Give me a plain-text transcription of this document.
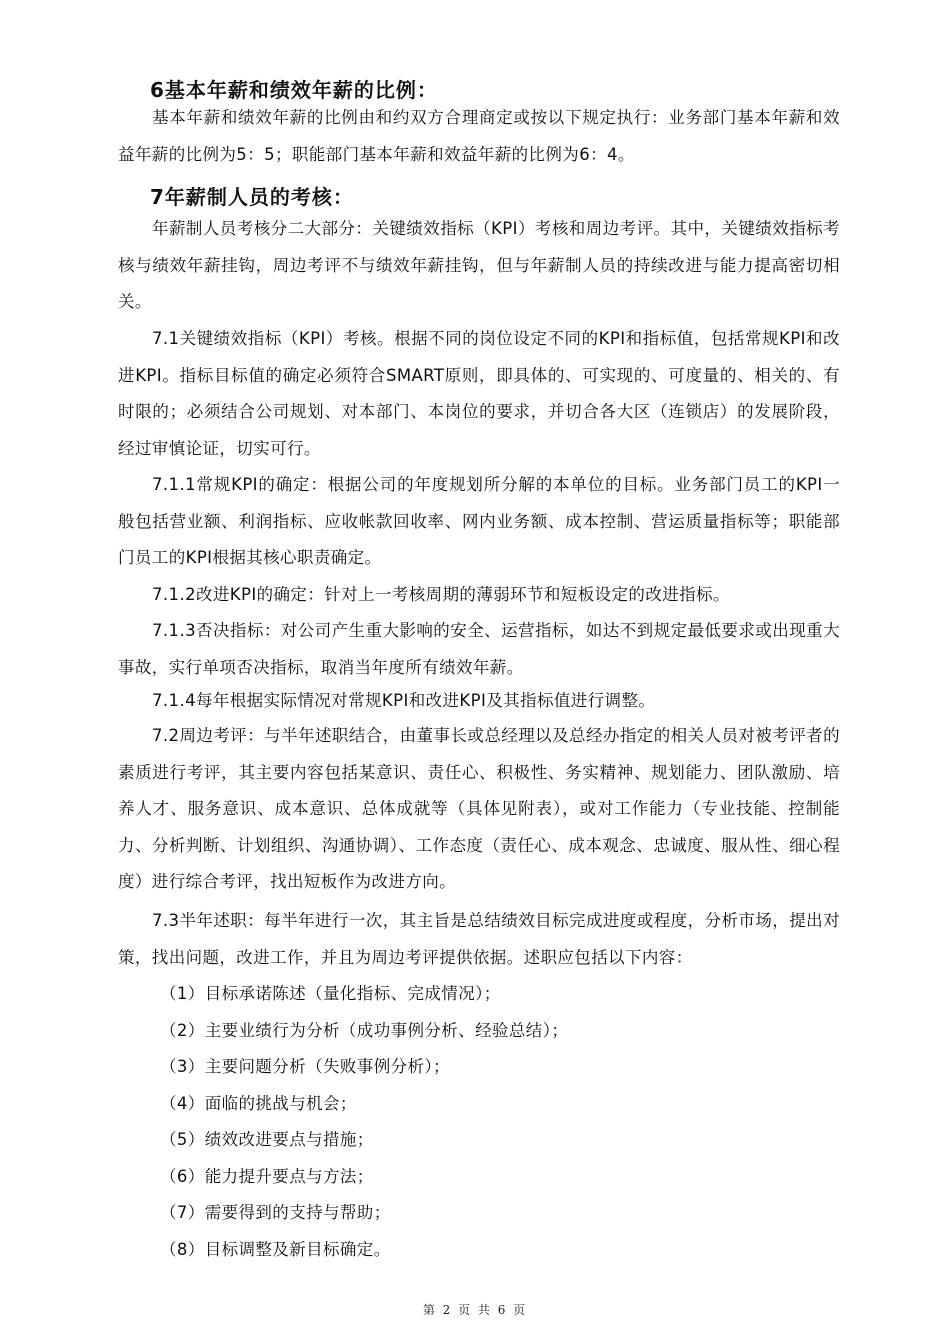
6基本年薪和绩效年薪的比例：

基本年薪和绩效年薪的比例由和约双方合理商定或按以下规定执行：业务部门基本年薪和效益年薪的比例为5：5；职能部门基本年薪和效益年薪的比例为6：4。

7年薪制人员的考核：

年薪制人员考核分二大部分：关键绩效指标（KPI）考核和周边考评。其中，关键绩效指标考核与绩效年薪挂钩，周边考评不与绩效年薪挂钩，但与年薪制人员的持续改进与能力提高密切相关。

7.1关键绩效指标（KPI）考核。根据不同的岗位设定不同的KPI和指标值，包括常规KPI和改进KPI。指标目标值的确定必须符合SMART原则，即具体的、可实现的、可度量的、相关的、有时限的；必须结合公司规划、对本部门、本岗位的要求，并切合各大区（连锁店）的发展阶段，经过审慎论证，切实可行。

7.1.1常规KPI的确定：根据公司的年度规划所分解的本单位的目标。业务部门员工的KPI一般包括营业额、利润指标、应收帐款回收率、网内业务额、成本控制、营运质量指标等；职能部门员工的KPI根据其核心职责确定。

7.1.2改进KPI的确定：针对上一考核周期的薄弱环节和短板设定的改进指标。

7.1.3否决指标：对公司产生重大影响的安全、运营指标，如达不到规定最低要求或出现重大事故，实行单项否决指标，取消当年度所有绩效年薪。

7.1.4每年根据实际情况对常规KPI和改进KPI及其指标值进行调整。

7.2周边考评：与半年述职结合，由董事长或总经理以及总经办指定的相关人员对被考评者的素质进行考评，其主要内容包括某意识、责任心、积极性、务实精神、规划能力、团队激励、培养人才、服务意识、成本意识、总体成就等（具体见附表），或对工作能力（专业技能、控制能力、分析判断、计划组织、沟通协调）、工作态度（责任心、成本观念、忠诚度、服从性、细心程度）进行综合考评，找出短板作为改进方向。

7.3半年述职：每半年进行一次，其主旨是总结绩效目标完成进度或程度，分析市场，提出对策，找出问题，改进工作，并且为周边考评提供依据。述职应包括以下内容：

（1）目标承诺陈述（量化指标、完成情况）；
（2）主要业绩行为分析（成功事例分析、经验总结）；
（3）主要问题分析（失败事例分析）；
（4）面临的挑战与机会；
（5）绩效改进要点与措施；
（6）能力提升要点与方法；
（7）需要得到的支持与帮助；
（8）目标调整及新目标确定。
第 2 页 共 6 页
